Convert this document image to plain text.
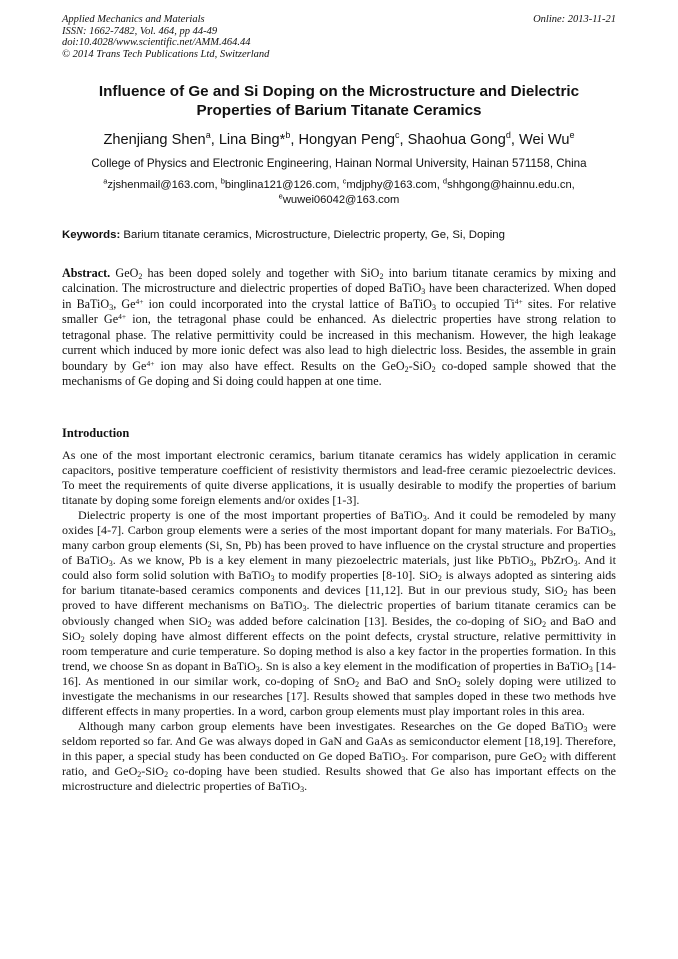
Applied Mechanics and Materials
ISSN: 1662-7482, Vol. 464, pp 44-49
doi:10.4028/www.scientific.net/AMM.464.44
© 2014 Trans Tech Publications Ltd, Switzerland
Online: 2013-11-21
Influence of Ge and Si Doping on the Microstructure and Dielectric
Properties of Barium Titanate Ceramics
Zhenjiang Shen$^a$, Lina Bing*$^b$, Hongyan Peng$^c$, Shaohua Gong$^d$, Wei Wu$^e$
College of Physics and Electronic Engineering, Hainan Normal University, Hainan 571158, China
$^a$zjshenmail@163.com, $^b$binglina121@126.com, $^c$mdjphy@163.com, $^d$shhgong@hainnu.edu.cn,
$^e$wuwei06042@163.com
Keywords: Barium titanate ceramics, Microstructure, Dielectric property, Ge, Si, Doping
Abstract. GeO$_2$ has been doped solely and together with SiO$_2$ into barium titanate ceramics by mixing and calcination. The microstructure and dielectric properties of doped BaTiO$_3$ have been characterized. When doped in BaTiO$_3$, $Ge^{4+}$ ion could incorporated into the crystal lattice of BaTiO$_3$ to occupied $Ti^{4+}$ sites. For relative smaller $Ge^{4+}$ ion, the tetragonal phase could be enhanced. As dielectric properties have strong relation to tetragonal phase. The relative permittivity could be increased in this mechanism. However, the high leakage current which induced by more ionic defect was also lead to high dielectric loss. Besides, the assemble in grain boundary by $Ge^{4+}$ ion may also have effect. Results on the GeO$_2$-SiO$_2$ co-doped sample showed that the mechanisms of Ge doping and Si doing could happen at one time.
Introduction

As one of the most important electronic ceramics, barium titanate ceramics has widely application in ceramic capacitors, positive temperature coefficient of resistivity thermistors and lead-free ceramic piezoelectric devices. To meet the requirements of quite diverse applications, it is usually desirable to modify the properties of barium titanate by doping some foreign elements and/or oxides [1-3].

Dielectric property is one of the most important properties of BaTiO$_3$. And it could be remodeled by many oxides [4-7]. Carbon group elements were a series of the most important dopant for many materials. For BaTiO$_3$, many carbon group elements (Si, Sn, Pb) has been proved to have influence on the crystal structure and properties of BaTiO$_3$. As we know, Pb is a key element in many piezoelectric materials, just like PbTiO$_3$, PbZrO$_3$. And it could also form solid solution with BaTiO$_3$ to modify properties [8-10]. SiO$_2$ is always adopted as sintering aids for barium titanate-based ceramics components and devices [11,12]. But in our previous study, SiO$_2$ has been proved to have different mechanisms on BaTiO$_3$. The dielectric properties of barium titanate ceramics can be obviously changed when SiO$_2$ was added before calcination [13]. Besides, the co-doping of SiO$_2$ and BaO and SiO$_2$ solely doping have almost different effects on the point defects, crystal structure, relative permittivity in room temperature and curie temperature. So doping method is also a key factor in the properties formation. In this trend, we choose Sn as dopant in BaTiO$_3$. Sn is also a key element in the modification of properties in BaTiO$_3$ [14-16]. As mentioned in our similar work, co-doping of SnO$_2$ and BaO and SnO$_2$ solely doping were utilized to investigate the mechanisms in our researches [17]. Results showed that samples doped in these two methods hve different effects in many properties. In a word, carbon group elements must play important roles in this area.

Although many carbon group elements have been investigates. Researches on the Ge doped BaTiO$_3$ were seldom reported so far. And Ge was always doped in GaN and GaAs as semiconductor element [18,19]. Therefore, in this paper, a special study has been conducted on Ge doped BaTiO$_3$. For comparison, pure GeO$_2$ with different ratio, and GeO$_2$-SiO$_2$ co-doping have been studied. Results showed that Ge also has important effects on the microstructure and dielectric properties of BaTiO$_3$.
